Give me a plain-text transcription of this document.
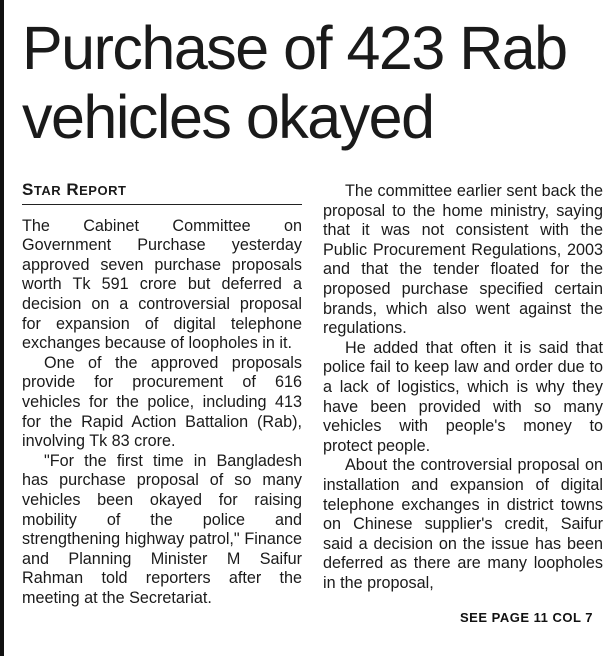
Purchase of 423 Rab vehicles okayed
STAR REPORT

The Cabinet Committee on Government Purchase yesterday approved seven purchase proposals worth Tk 591 crore but deferred a decision on a controversial proposal for expansion of digital telephone exchanges because of loopholes in it.

One of the approved proposals provide for procurement of 616 vehicles for the police, including 413 for the Rapid Action Battalion (Rab), involving Tk 83 crore.

"For the first time in Bangladesh has purchase proposal of so many vehicles been okayed for raising mobility of the police and strengthening highway patrol," Finance and Planning Minister M Saifur Rahman told reporters after the meeting at the Secretariat.

The committee earlier sent back the proposal to the home ministry, saying that it was not consistent with the Public Procurement Regulations, 2003 and that the tender floated for the proposed purchase specified certain brands, which also went against the regulations.

He added that often it is said that police fail to keep law and order due to a lack of logistics, which is why they have been provided with so many vehicles with people's money to protect people.

About the controversial proposal on installation and expansion of digital telephone exchanges in district towns on Chinese supplier's credit, Saifur said a decision on the issue has been deferred as there are many loopholes in the proposal,

SEE PAGE 11 COL 7
